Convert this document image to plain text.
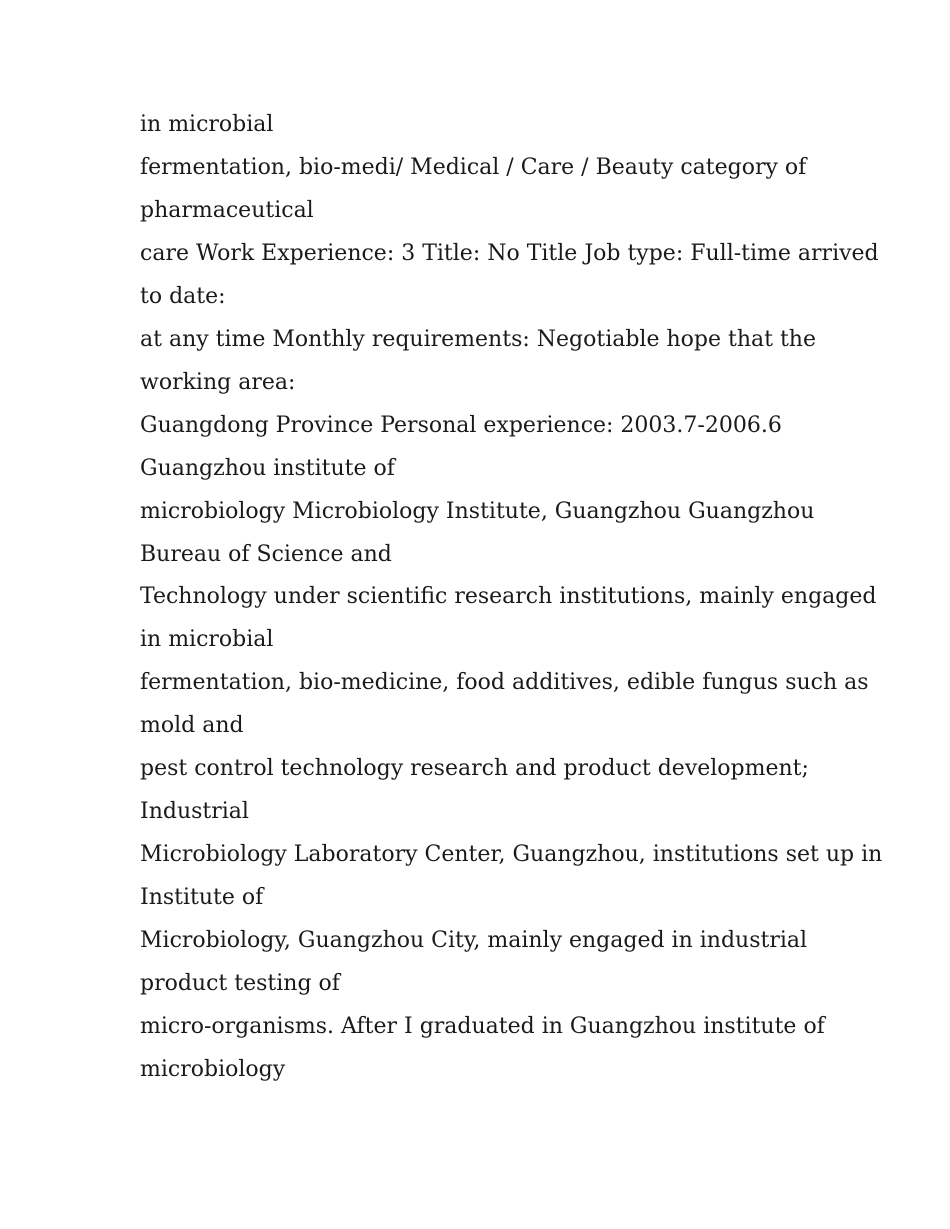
in microbial
fermentation, bio-medi/ Medical / Care / Beauty category of
pharmaceutical
care Work Experience: 3 Title: No Title Job type: Full-time arrived
to date:
at any time Monthly requirements: Negotiable hope that the
working area:
Guangdong Province Personal experience: 2003.7-2006.6
Guangzhou institute of
microbiology Microbiology Institute, Guangzhou Guangzhou
Bureau of Science and
Technology under scientific research institutions, mainly engaged
in microbial
fermentation, bio-medicine, food additives, edible fungus such as
mold and
pest control technology research and product development;
Industrial
Microbiology Laboratory Center, Guangzhou, institutions set up in
Institute of
Microbiology, Guangzhou City, mainly engaged in industrial
product testing of
micro-organisms. After I graduated in Guangzhou institute of
microbiology
